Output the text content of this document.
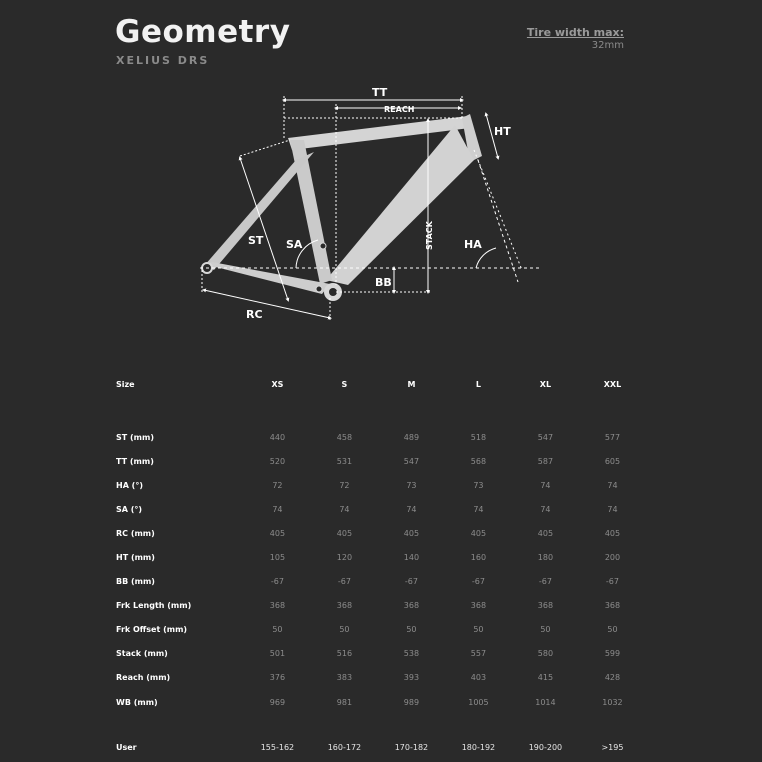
Geometry
XELIUS DRS
Tire width max:
32mm
TT
REACH
HT
ST SA	STACK	HA
BB
RC
Size	XS	S	M	L	XL	XXL

ST (mm)	440	458	489	518	547	577
TT (mm)	520	531	547	568	587	605
HA (°)	72	72	73	73	74	74
SA (°)	74	74	74	74	74	74
RC (mm)	405	405	405	405	405	405
HT (mm)	105	120	140	160	180	200
BB (mm)	-67	-67	-67	-67	-67	-67
Frk Length (mm)	368	368	368	368	368	368
Frk Offset (mm)	50	50	50	50	50	50
Stack (mm)	501	516	538	557	580	599
Reach (mm)	376	383	393	403	415	428
WB (mm)	969	981	989	1005	1014	1032

User	155-162	160-172	170-182	180-192	190-200	>195
